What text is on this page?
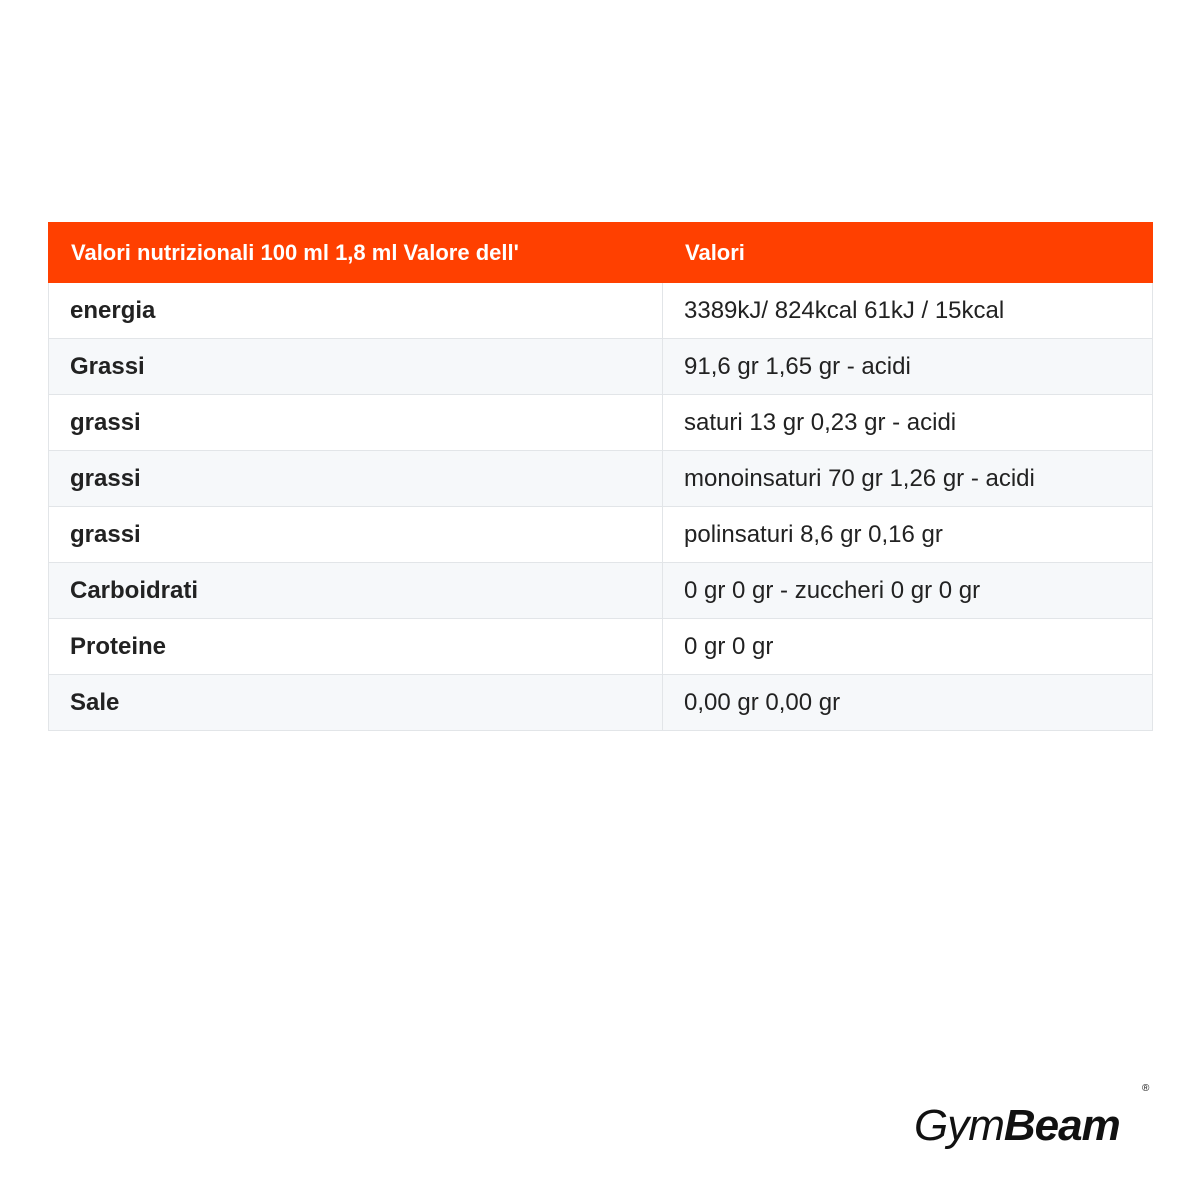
Valori nutrizionali 100 ml 1,8 ml Valore dell'	Valori
energia	3389kJ/ 824kcal 61kJ / 15kcal
Grassi	91,6 gr 1,65 gr - acidi
grassi	saturi 13 gr 0,23 gr - acidi
grassi	monoinsaturi 70 gr 1,26 gr - acidi
grassi	polinsaturi 8,6 gr 0,16 gr
Carboidrati	0 gr 0 gr - zuccheri 0 gr 0 gr
Proteine	0 gr 0 gr
Sale	0,00 gr 0,00 gr
GymBeam
®
